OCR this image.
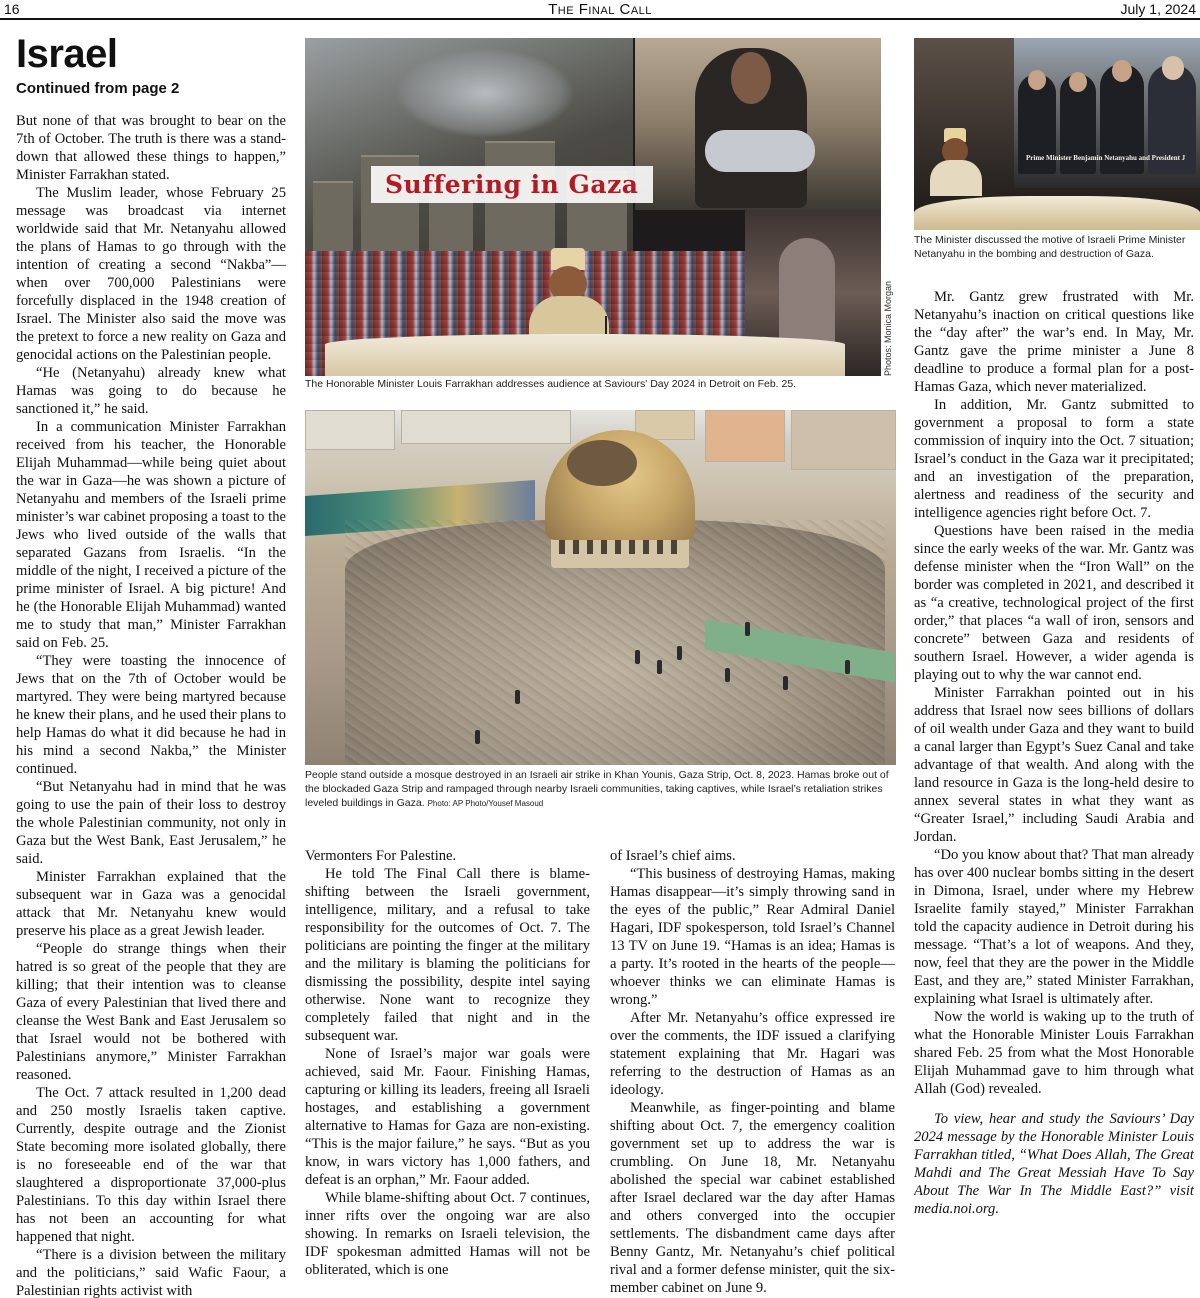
16	The Final Call	July 1, 2024
Israel
Continued from page 2

But none of that was brought to bear on the 7th of October. The truth is there was a stand-down that allowed these things to happen,” Minister Farrakhan stated.

The Muslim leader, whose February 25 message was broadcast via internet worldwide said that Mr. Netanyahu allowed the plans of Hamas to go through with the intention of creating a second “Nakba”—when over 700,000 Palestinians were forcefully displaced in the 1948 creation of Israel. The Minister also said the move was the pretext to force a new reality on Gaza and genocidal actions on the Palestinian people.

“He (Netanyahu) already knew what Hamas was going to do because he sanctioned it,” he said.

In a communication Minister Farrakhan received from his teacher, the Honorable Elijah Muhammad—while being quiet about the war in Gaza—he was shown a picture of Netanyahu and members of the Israeli prime minister’s war cabinet proposing a toast to the Jews who lived outside of the walls that separated Gazans from Israelis. “In the middle of the night, I received a picture of the prime minister of Israel. A big picture! And he (the Honorable Elijah Muhammad) wanted me to study that man,” Minister Farrakhan said on Feb. 25.

“They were toasting the innocence of Jews that on the 7th of October would be martyred. They were being martyred because he knew their plans, and he used their plans to help Hamas do what it did because he had in his mind a second Nakba,” the Minister continued.

“But Netanyahu had in mind that he was going to use the pain of their loss to destroy the whole Palestinian community, not only in Gaza but the West Bank, East Jerusalem,” he said.

Minister Farrakhan explained that the subsequent war in Gaza was a genocidal attack that Mr. Netanyahu knew would preserve his place as a great Jewish leader.

“People do strange things when their hatred is so great of the people that they are killing; that their intention was to cleanse Gaza of every Palestinian that lived there and cleanse the West Bank and East Jerusalem so that Israel would not be bothered with Palestinians anymore,” Minister Farrakhan reasoned.

The Oct. 7 attack resulted in 1,200 dead and 250 mostly Israelis taken captive. Currently, despite outrage and the Zionist State becoming more isolated globally, there is no foreseeable end of the war that slaughtered a disproportionate 37,000-plus Palestinians. To this day within Israel there has not been an accounting for what happened that night.

“There is a division between the military and the politicians,” said Wafic Faour, a Palestinian rights activist with

Suffering in Gaza
Photos: Monica Morgan
The Honorable Minister Louis Farrakhan addresses audience at Saviours' Day 2024 in Detroit on Feb. 25.
People stand outside a mosque destroyed in an Israeli air strike in Khan Younis, Gaza Strip, Oct. 8, 2023. Hamas broke out of the blockaded Gaza Strip and rampaged through nearby Israeli communities, taking captives, while Israel’s retaliation strikes leveled buildings in Gaza. Photo: AP Photo/Yousef Masoud

Vermonters For Palestine.

He told The Final Call there is blame-shifting between the Israeli government, intelligence, military, and a refusal to take responsibility for the outcomes of Oct. 7. The politicians are pointing the finger at the military and the military is blaming the politicians for dismissing the possibility, despite intel saying otherwise. None want to recognize they completely failed that night and in the subsequent war.

None of Israel’s major war goals were achieved, said Mr. Faour. Finishing Hamas, capturing or killing its leaders, freeing all Israeli hostages, and establishing a government alternative to Hamas for Gaza are non-existing. “This is the major failure,” he says. “But as you know, in wars victory has 1,000 fathers, and defeat is an orphan,” Mr. Faour added.

While blame-shifting about Oct. 7 continues, inner rifts over the ongoing war are also showing. In remarks on Israeli television, the IDF spokesman admitted Hamas will not be obliterated, which is one

of Israel’s chief aims.

“This business of destroying Hamas, making Hamas disappear—it’s simply throwing sand in the eyes of the public,” Rear Admiral Daniel Hagari, IDF spokesperson, told Israel’s Channel 13 TV on June 19. “Hamas is an idea; Hamas is a party. It’s rooted in the hearts of the people— whoever thinks we can eliminate Hamas is wrong.”

After Mr. Netanyahu’s office expressed ire over the comments, the IDF issued a clarifying statement explaining that Mr. Hagari was referring to the destruction of Hamas as an ideology.

Meanwhile, as finger-pointing and blame shifting about Oct. 7, the emergency coalition government set up to address the war is crumbling. On June 18, Mr. Netanyahu abolished the special war cabinet established after Israel declared war the day after Hamas and others converged into the occupier settlements. The disbandment came days after Benny Gantz, Mr. Netanyahu’s chief political rival and a former defense minister, quit the six-member cabinet on June 9.

Prime Minister Benjamin Netanyahu and President J
The Minister discussed the motive of Israeli Prime Minister Netanyahu in the bombing and destruction of Gaza.

Mr. Gantz grew frustrated with Mr. Netanyahu’s inaction on critical questions like the “day after” the war’s end. In May, Mr. Gantz gave the prime minister a June 8 deadline to produce a formal plan for a post-Hamas Gaza, which never materialized.

In addition, Mr. Gantz submitted to government a proposal to form a state commission of inquiry into the Oct. 7 situation; Israel’s conduct in the Gaza war it precipitated; and an investigation of the preparation, alertness and readiness of the security and intelligence agencies right before Oct. 7.

Questions have been raised in the media since the early weeks of the war. Mr. Gantz was defense minister when the “Iron Wall” on the border was completed in 2021, and described it as “a creative, technological project of the first order,” that places “a wall of iron, sensors and concrete” between Gaza and residents of southern Israel. However, a wider agenda is playing out to why the war cannot end.

Minister Farrakhan pointed out in his address that Israel now sees billions of dollars of oil wealth under Gaza and they want to build a canal larger than Egypt’s Suez Canal and take advantage of that wealth. And along with the land resource in Gaza is the long-held desire to annex several states in what they want as “Greater Israel,” including Saudi Arabia and Jordan.

“Do you know about that? That man already has over 400 nuclear bombs sitting in the desert in Dimona, Israel, under where my Hebrew Israelite family stayed,” Minister Farrakhan told the capacity audience in Detroit during his message. “That’s a lot of weapons. And they, now, feel that they are the power in the Middle East, and they are,” stated Minister Farrakhan, explaining what Israel is ultimately after.

Now the world is waking up to the truth of what the Honorable Minister Louis Farrakhan shared Feb. 25 from what the Most Honorable Elijah Muhammad gave to him through what Allah (God) revealed.

To view, hear and study the Saviours’ Day 2024 message by the Honorable Minister Louis Farrakhan titled, “What Does Allah, The Great Mahdi and The Great Messiah Have To Say About The War In The Middle East?” visit media.noi.org.
